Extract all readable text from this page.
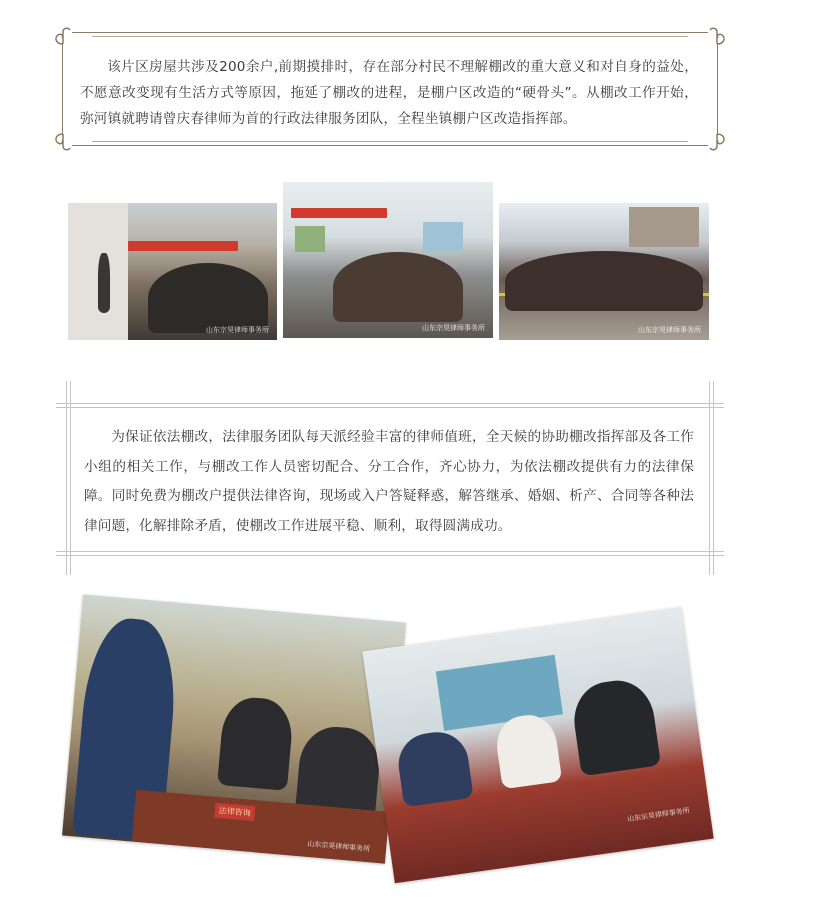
该片区房屋共涉及200余户,前期摸排时，存在部分村民不理解棚改的重大意义和对自身的益处，不愿意改变现有生活方式等原因，拖延了棚改的进程，是棚户区改造的“硬骨头”。从棚改工作开始，弥河镇就聘请曾庆春律师为首的行政法律服务团队，全程坐镇棚户区改造指挥部。
山东宗昊律师事务所	山东宗昊律师事务所	山东宗昊律师事务所
为保证依法棚改，法律服务团队每天派经验丰富的律师值班，全天候的协助棚改指挥部及各工作小组的相关工作，与棚改工作人员密切配合、分工合作，齐心协力，为依法棚改提供有力的法律保障。同时免费为棚改户提供法律咨询，现场或入户答疑释惑，解答继承、婚姻、析产、合同等各种法律问题，化解排除矛盾，使棚改工作进展平稳、顺利，取得圆满成功。
法律咨询
山东宗昊律师事务所
山东宗昊律师事务所
